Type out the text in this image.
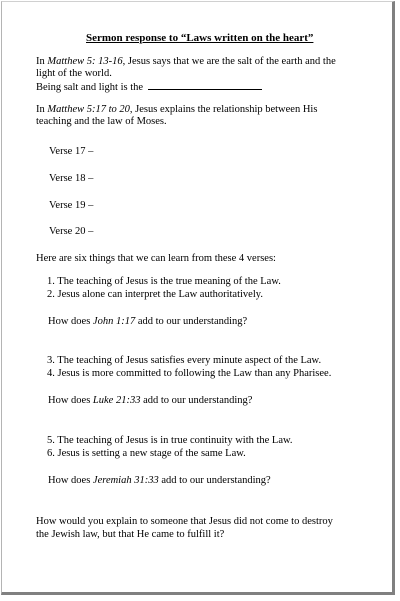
Sermon response to “Laws written on the heart”
In Matthew 5: 13-16, Jesus says that we are the salt of the earth and the
light of the world.
Being salt and light is the
In Matthew 5:17 to 20, Jesus explains the relationship between His
teaching and the law of Moses.
Verse 17 –
Verse 18 –
Verse 19 –
Verse 20 –
Here are six things that we can learn from these 4 verses:
1. The teaching of Jesus is the true meaning of the Law.
2. Jesus alone can interpret the Law authoritatively.
How does John 1:17 add to our understanding?
3. The teaching of Jesus satisfies every minute aspect of the Law.
4. Jesus is more committed to following the Law than any Pharisee.
How does Luke 21:33 add to our understanding?
5. The teaching of Jesus is in true continuity with the Law.
6. Jesus is setting a new stage of the same Law.
How does Jeremiah 31:33 add to our understanding?
How would you explain to someone that Jesus did not come to destroy
the Jewish law, but that He came to fulfill it?
